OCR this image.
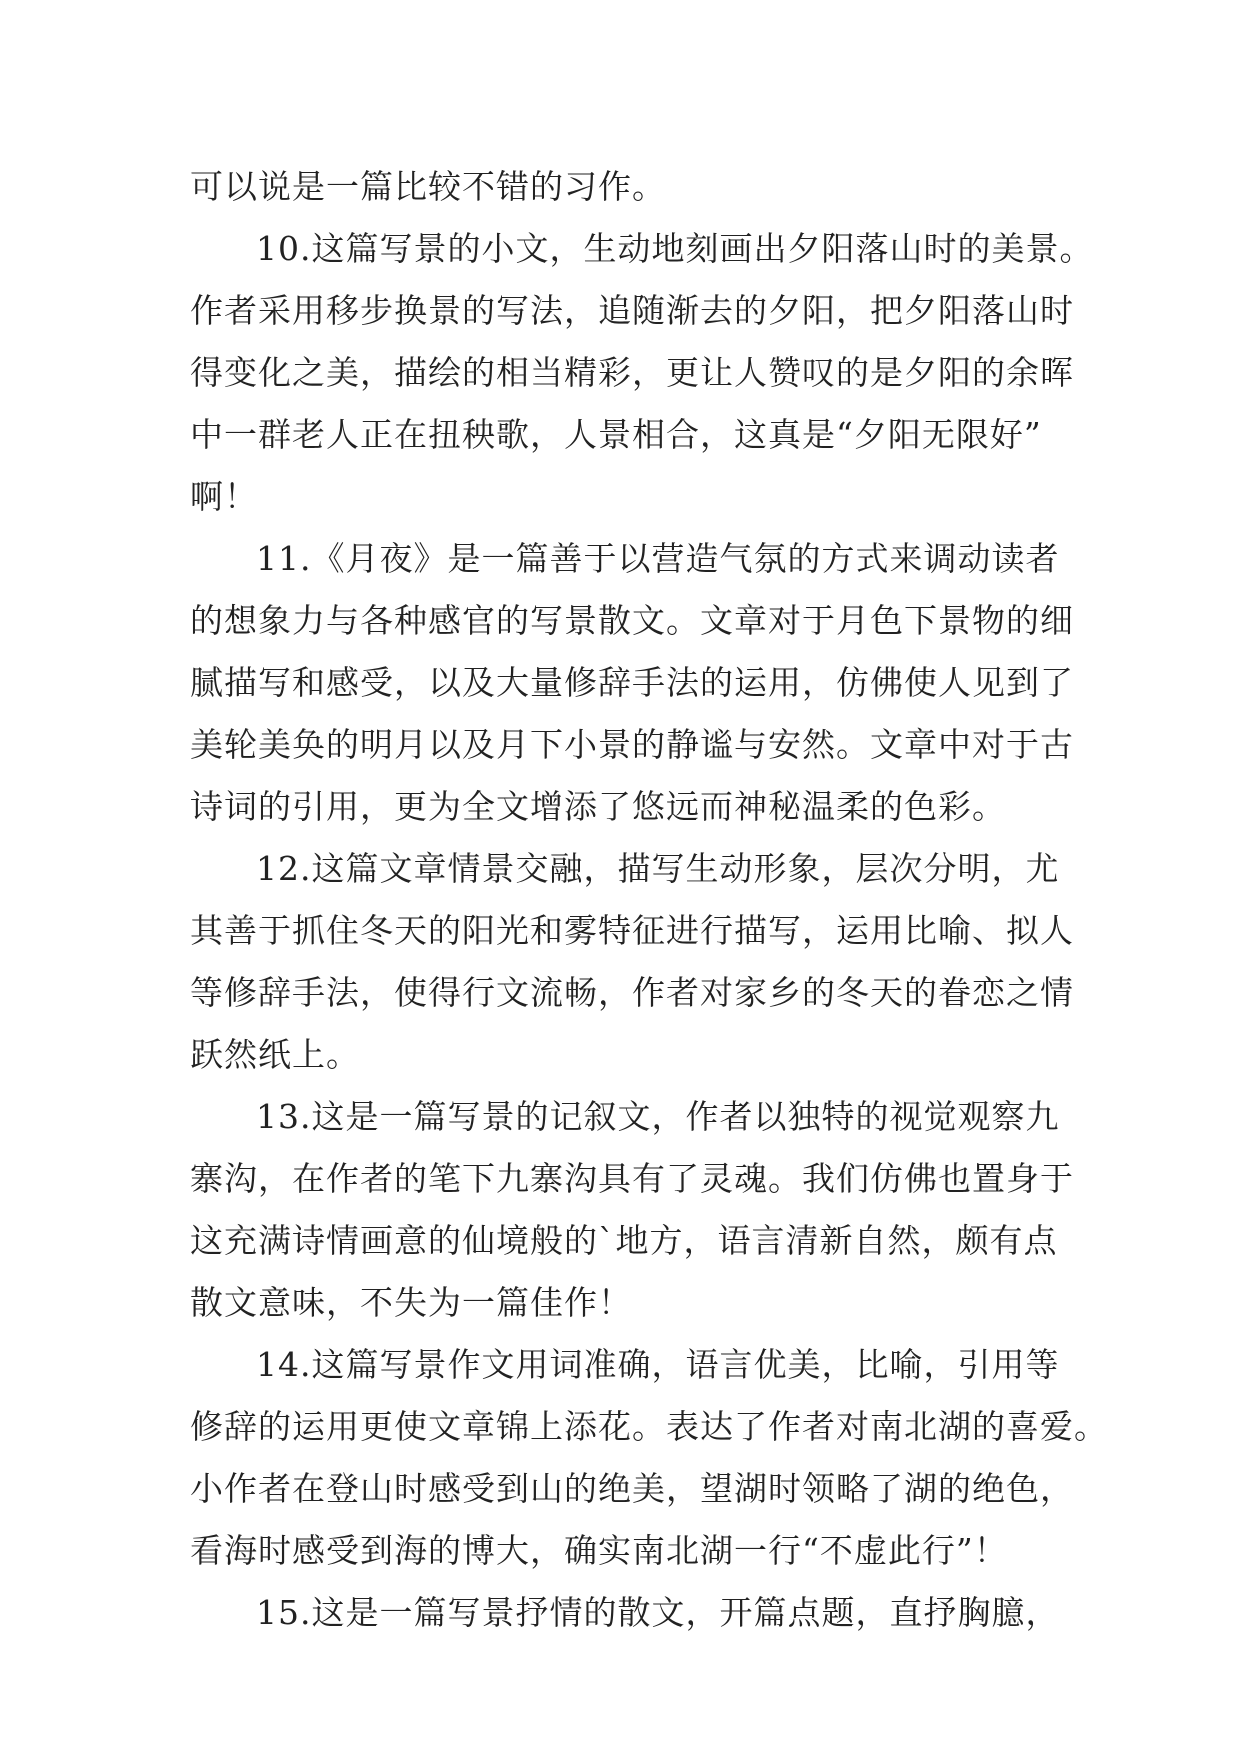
可以说是一篇比较不错的习作。
10.这篇写景的小文，生动地刻画出夕阳落山时的美景。
作者采用移步换景的写法，追随渐去的夕阳，把夕阳落山时
得变化之美，描绘的相当精彩，更让人赞叹的是夕阳的余晖
中一群老人正在扭秧歌，人景相合，这真是“夕阳无限好”
啊！
11.《月夜》是一篇善于以营造气氛的方式来调动读者
的想象力与各种感官的写景散文。文章对于月色下景物的细
腻描写和感受，以及大量修辞手法的运用，仿佛使人见到了
美轮美奂的明月以及月下小景的静谧与安然。文章中对于古
诗词的引用，更为全文增添了悠远而神秘温柔的色彩。
12.这篇文章情景交融，描写生动形象，层次分明，尤
其善于抓住冬天的阳光和雾特征进行描写，运用比喻、拟人
等修辞手法，使得行文流畅，作者对家乡的冬天的眷恋之情
跃然纸上。
13.这是一篇写景的记叙文，作者以独特的视觉观察九
寨沟，在作者的笔下九寨沟具有了灵魂。我们仿佛也置身于
这充满诗情画意的仙境般的`地方，语言清新自然，颇有点
散文意味，不失为一篇佳作！
14.这篇写景作文用词准确，语言优美，比喻，引用等
修辞的运用更使文章锦上添花。表达了作者对南北湖的喜爱。
小作者在登山时感受到山的绝美，望湖时领略了湖的绝色，
看海时感受到海的博大，确实南北湖一行“不虚此行”！
15.这是一篇写景抒情的散文，开篇点题，直抒胸臆，
